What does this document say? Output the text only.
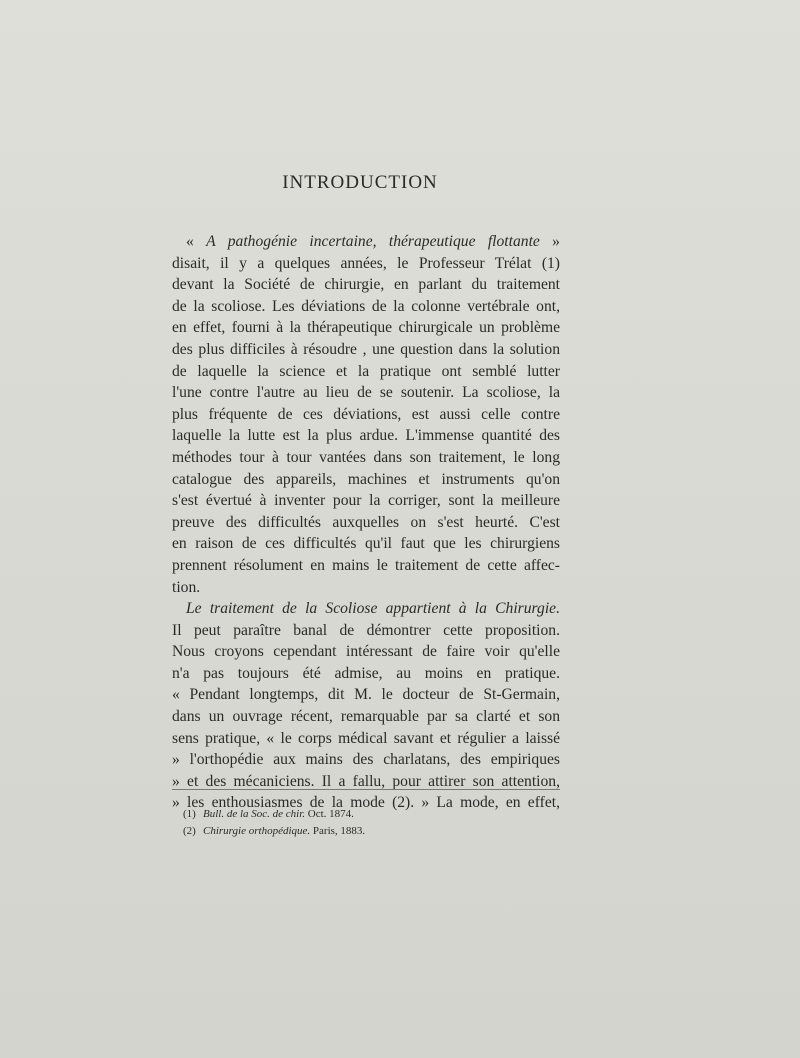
INTRODUCTION
« A pathogénie incertaine, thérapeutique flottante »
disait, il y a quelques années, le Professeur Trélat (1)
devant la Société de chirurgie, en parlant du traitement
de la scoliose. Les déviations de la colonne vertébrale ont,
en effet, fourni à la thérapeutique chirurgicale un problème
des plus difficiles à résoudre , une question dans la solution
de laquelle la science et la pratique ont semblé lutter
l'une contre l'autre au lieu de se soutenir. La scoliose, la
plus fréquente de ces déviations, est aussi celle contre
laquelle la lutte est la plus ardue. L'immense quantité des
méthodes tour à tour vantées dans son traitement, le long
catalogue des appareils, machines et instruments qu'on
s'est évertué à inventer pour la corriger, sont la meilleure
preuve des difficultés auxquelles on s'est heurté. C'est
en raison de ces difficultés qu'il faut que les chirurgiens
prennent résolument en mains le traitement de cette affec-
tion.
Le traitement de la Scoliose appartient à la Chirurgie.
Il peut paraître banal de démontrer cette proposition.
Nous croyons cependant intéressant de faire voir qu'elle
n'a pas toujours été admise, au moins en pratique.
« Pendant longtemps, dit M. le docteur de St-Germain,
dans un ouvrage récent, remarquable par sa clarté et son
sens pratique, « le corps médical savant et régulier a laissé
» l'orthopédie aux mains des charlatans, des empiriques
» et des mécaniciens. Il a fallu, pour attirer son attention,
» les enthousiasmes de la mode (2). » La mode, en effet,
(1) Bull. de la Soc. de chir. Oct. 1874.
(2) Chirurgie orthopédique. Paris, 1883.
